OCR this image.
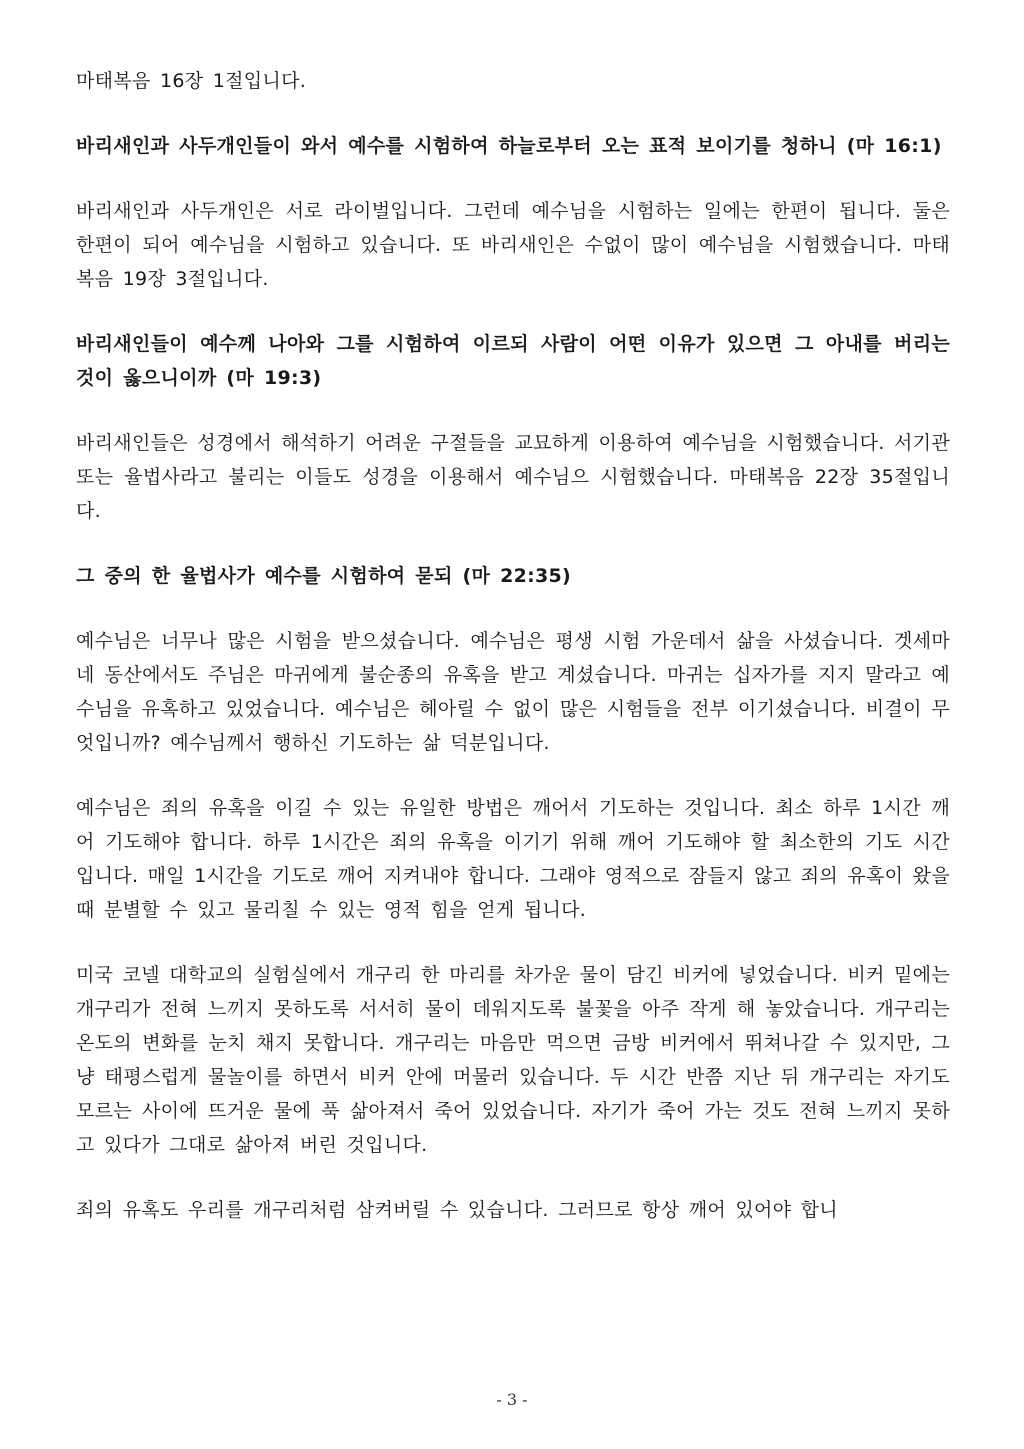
마태복음 16장 1절입니다.

바리새인과 사두개인들이 와서 예수를 시험하여 하늘로부터 오는 표적 보이기를 청하니 (마 16:1)

바리새인과 사두개인은 서로 라이벌입니다. 그런데 예수님을 시험하는 일에는 한편이 됩니다. 둘은 한편이 되어 예수님을 시험하고 있습니다. 또 바리새인은 수없이 많이 예수님을 시험했습니다. 마태복음 19장 3절입니다.

바리새인들이 예수께 나아와 그를 시험하여 이르되 사람이 어떤 이유가 있으면 그 아내를 버리는 것이 옳으니이까 (마 19:3)

바리새인들은 성경에서 해석하기 어려운 구절들을 교묘하게 이용하여 예수님을 시험했습니다. 서기관 또는 율법사라고 불리는 이들도 성경을 이용해서 예수님으 시험했습니다. 마태복음 22장 35절입니다.

그 중의 한 율법사가 예수를 시험하여 묻되 (마 22:35)

예수님은 너무나 많은 시험을 받으셨습니다. 예수님은 평생 시험 가운데서 삶을 사셨습니다. 겟세마네 동산에서도 주님은 마귀에게 불순종의 유혹을 받고 계셨습니다. 마귀는 십자가를 지지 말라고 예수님을 유혹하고 있었습니다. 예수님은 헤아릴 수 없이 많은 시험들을 전부 이기셨습니다. 비결이 무엇입니까? 예수님께서 행하신 기도하는 삶 덕분입니다.

예수님은 죄의 유혹을 이길 수 있는 유일한 방법은 깨어서 기도하는 것입니다. 최소 하루 1시간 깨어 기도해야 합니다. 하루 1시간은 죄의 유혹을 이기기 위해 깨어 기도해야 할 최소한의 기도 시간입니다. 매일 1시간을 기도로 깨어 지켜내야 합니다. 그래야 영적으로 잠들지 않고 죄의 유혹이 왔을 때 분별할 수 있고 물리칠 수 있는 영적 힘을 얻게 됩니다.

미국 코넬 대학교의 실험실에서 개구리 한 마리를 차가운 물이 담긴 비커에 넣었습니다. 비커 밑에는 개구리가 전혀 느끼지 못하도록 서서히 물이 데워지도록 불꽃을 아주 작게 해 놓았습니다. 개구리는 온도의 변화를 눈치 채지 못합니다. 개구리는 마음만 먹으면 금방 비커에서 뛰쳐나갈 수 있지만, 그냥 태평스럽게 물놀이를 하면서 비커 안에 머물러 있습니다. 두 시간 반쯤 지난 뒤 개구리는 자기도 모르는 사이에 뜨거운 물에 푹 삶아져서 죽어 있었습니다. 자기가 죽어 가는 것도 전혀 느끼지 못하고 있다가 그대로 삶아져 버린 것입니다.

죄의 유혹도 우리를 개구리처럼 삼켜버릴 수 있습니다. 그러므로 항상 깨어 있어야 합니

- 3 -
